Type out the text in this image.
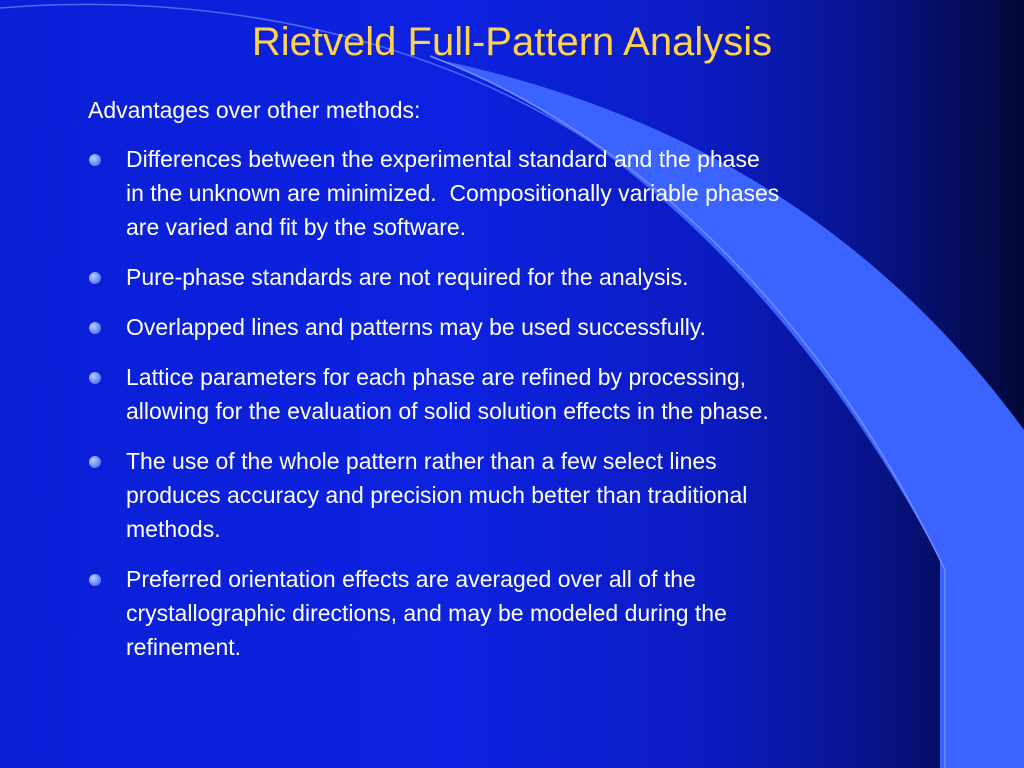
Rietveld Full-Pattern Analysis
Advantages over other methods:
Differences between the experimental standard and the phase
in the unknown are minimized.  Compositionally variable phases
are varied and fit by the software.
Pure-phase standards are not required for the analysis.
Overlapped lines and patterns may be used successfully.
Lattice parameters for each phase are refined by processing,
allowing for the evaluation of solid solution effects in the phase.
The use of the whole pattern rather than a few select lines
produces accuracy and precision much better than traditional
methods.
Preferred orientation effects are averaged over all of the
crystallographic directions, and may be modeled during the
refinement.
